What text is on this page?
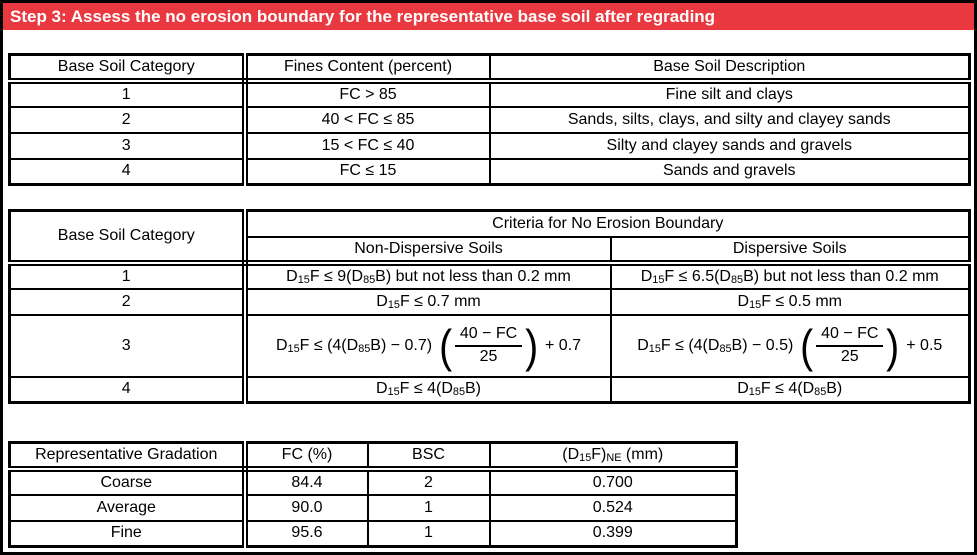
Step 3: Assess the no erosion boundary for the representative base soil after regrading
Base Soil Category	Fines Content (percent)	Base Soil Description
1	FC > 85	Fine silt and clays
2	40 < FC ≤ 85	Sands, silts, clays, and silty and clayey sands
3	15 < FC ≤ 40	Silty and clayey sands and gravels
4	FC ≤ 15	Sands and gravels
Base Soil Category	Criteria for No Erosion Boundary	
	Non-Dispersive Soils	Dispersive Soils
1	D15F ≤ 9(D85B) but not less than 0.2 mm	D15F ≤ 6.5(D85B) but not less than 0.2 mm
2	D15F ≤ 0.7 mm	D15F ≤ 0.5 mm
3	D15F ≤ (4(D85B) − 0.7) ( $\frac{40 - FC}{25}$ ) + 0.7	D15F ≤ (4(D85B) − 0.5) ( $\frac{40 - FC}{25}$ ) + 0.5
4	D15F ≤ 4(D85B)	D15F ≤ 4(D85B)
Representative Gradation	FC (%)	BSC	(D15F)NE (mm)
Coarse	84.4	2	0.700
Average	90.0	1	0.524
Fine	95.6	1	0.399
